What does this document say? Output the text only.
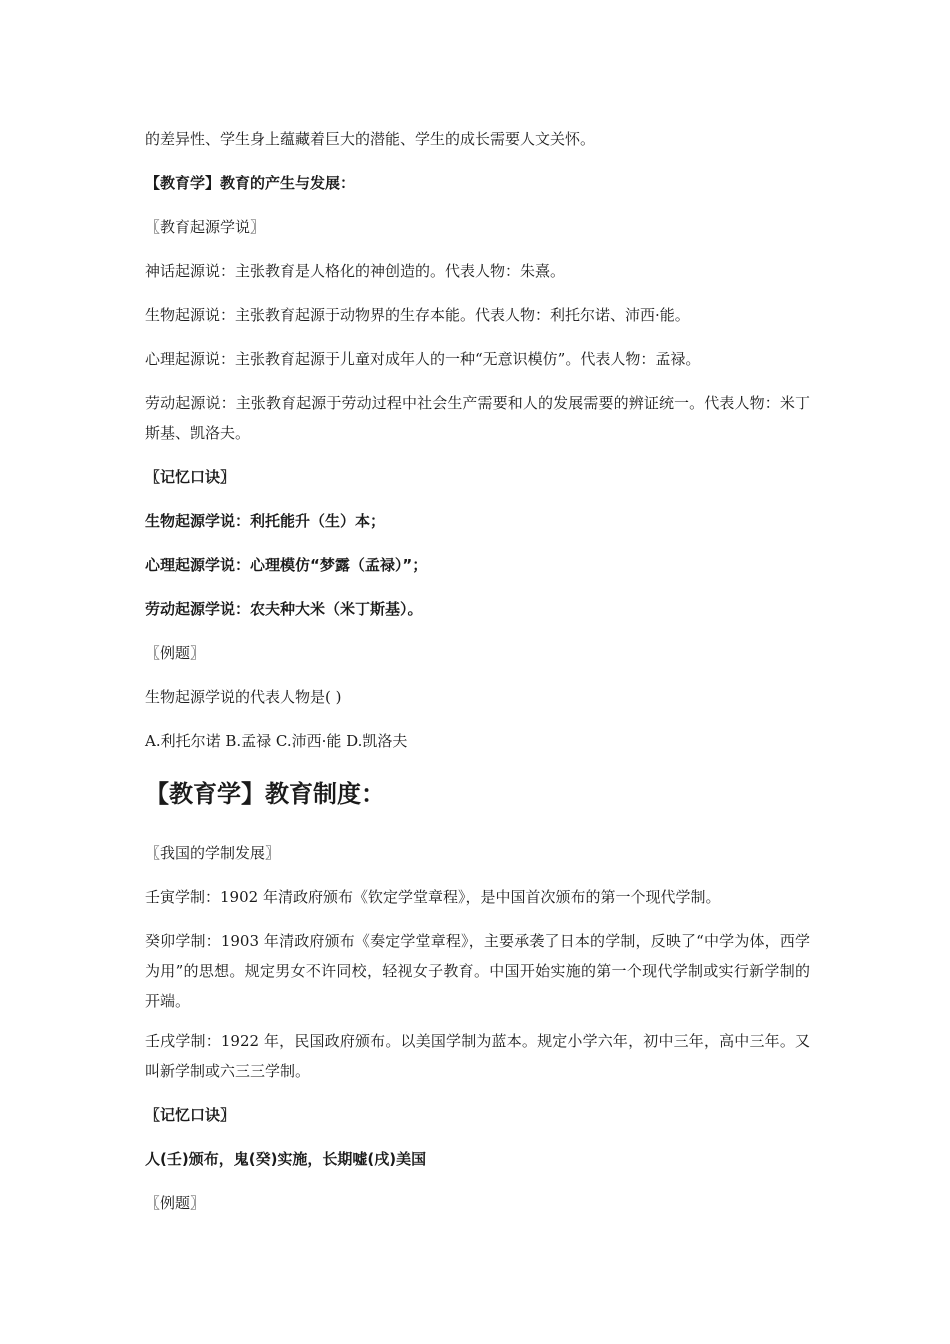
的差异性、学生身上蕴藏着巨大的潜能、学生的成长需要人文关怀。

【教育学】教育的产生与发展：

〖教育起源学说〗

神话起源说：主张教育是人格化的神创造的。代表人物：朱熹。

生物起源说：主张教育起源于动物界的生存本能。代表人物：利托尔诺、沛西·能。

心理起源说：主张教育起源于儿童对成年人的一种“无意识模仿”。代表人物：孟禄。

劳动起源说：主张教育起源于劳动过程中社会生产需要和人的发展需要的辨证统一。代表人物：米丁斯基、凯洛夫。

〖记忆口诀〗

生物起源学说：利托能升（生）本；

心理起源学说：心理模仿“梦露（孟禄）”；

劳动起源学说：农夫种大米（米丁斯基）。

〖例题〗

生物起源学说的代表人物是( )

A.利托尔诺 B.孟禄 C.沛西·能 D.凯洛夫

【教育学】教育制度：

〖我国的学制发展〗

壬寅学制：1902 年清政府颁布《钦定学堂章程》，是中国首次颁布的第一个现代学制。

癸卯学制：1903 年清政府颁布《奏定学堂章程》，主要承袭了日本的学制，反映了“中学为体，西学为用”的思想。规定男女不许同校，轻视女子教育。中国开始实施的第一个现代学制或实行新学制的开端。

壬戌学制：1922 年，民国政府颁布。以美国学制为蓝本。规定小学六年，初中三年，高中三年。又叫新学制或六三三学制。

〖记忆口诀〗

人(壬)颁布，鬼(癸)实施，长期嘘(戌)美国

〖例题〗
